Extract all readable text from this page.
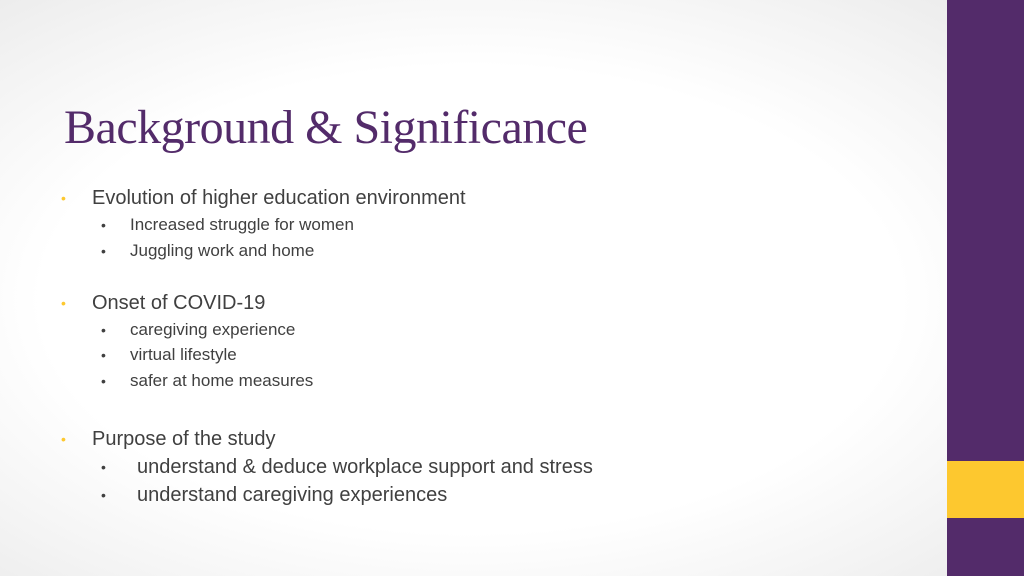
Background & Significance
• Evolution of higher education environment
• Increased struggle for women
• Juggling work and home
• Onset of COVID-19
• caregiving experience
• virtual lifestyle
• safer at home measures
• Purpose of the study
• understand & deduce workplace support and stress
• understand caregiving experiences
